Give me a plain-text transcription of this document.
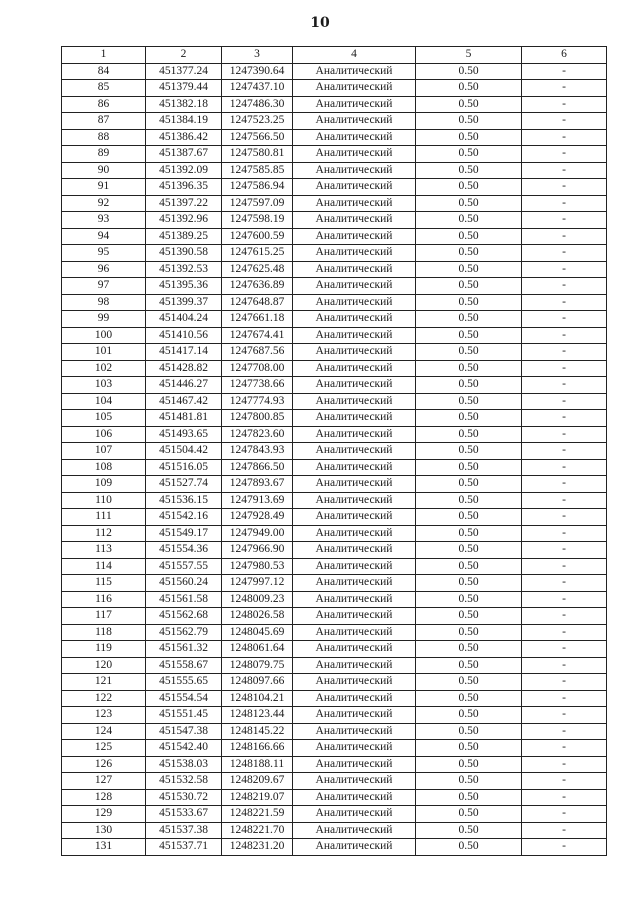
10
1	2	3	4	5	6
84	451377.24	1247390.64	Аналитический	0.50	-
85	451379.44	1247437.10	Аналитический	0.50	-
86	451382.18	1247486.30	Аналитический	0.50	-
87	451384.19	1247523.25	Аналитический	0.50	-
88	451386.42	1247566.50	Аналитический	0.50	-
89	451387.67	1247580.81	Аналитический	0.50	-
90	451392.09	1247585.85	Аналитический	0.50	-
91	451396.35	1247586.94	Аналитический	0.50	-
92	451397.22	1247597.09	Аналитический	0.50	-
93	451392.96	1247598.19	Аналитический	0.50	-
94	451389.25	1247600.59	Аналитический	0.50	-
95	451390.58	1247615.25	Аналитический	0.50	-
96	451392.53	1247625.48	Аналитический	0.50	-
97	451395.36	1247636.89	Аналитический	0.50	-
98	451399.37	1247648.87	Аналитический	0.50	-
99	451404.24	1247661.18	Аналитический	0.50	-
100	451410.56	1247674.41	Аналитический	0.50	-
101	451417.14	1247687.56	Аналитический	0.50	-
102	451428.82	1247708.00	Аналитический	0.50	-
103	451446.27	1247738.66	Аналитический	0.50	-
104	451467.42	1247774.93	Аналитический	0.50	-
105	451481.81	1247800.85	Аналитический	0.50	-
106	451493.65	1247823.60	Аналитический	0.50	-
107	451504.42	1247843.93	Аналитический	0.50	-
108	451516.05	1247866.50	Аналитический	0.50	-
109	451527.74	1247893.67	Аналитический	0.50	-
110	451536.15	1247913.69	Аналитический	0.50	-
111	451542.16	1247928.49	Аналитический	0.50	-
112	451549.17	1247949.00	Аналитический	0.50	-
113	451554.36	1247966.90	Аналитический	0.50	-
114	451557.55	1247980.53	Аналитический	0.50	-
115	451560.24	1247997.12	Аналитический	0.50	-
116	451561.58	1248009.23	Аналитический	0.50	-
117	451562.68	1248026.58	Аналитический	0.50	-
118	451562.79	1248045.69	Аналитический	0.50	-
119	451561.32	1248061.64	Аналитический	0.50	-
120	451558.67	1248079.75	Аналитический	0.50	-
121	451555.65	1248097.66	Аналитический	0.50	-
122	451554.54	1248104.21	Аналитический	0.50	-
123	451551.45	1248123.44	Аналитический	0.50	-
124	451547.38	1248145.22	Аналитический	0.50	-
125	451542.40	1248166.66	Аналитический	0.50	-
126	451538.03	1248188.11	Аналитический	0.50	-
127	451532.58	1248209.67	Аналитический	0.50	-
128	451530.72	1248219.07	Аналитический	0.50	-
129	451533.67	1248221.59	Аналитический	0.50	-
130	451537.38	1248221.70	Аналитический	0.50	-
131	451537.71	1248231.20	Аналитический	0.50	-
